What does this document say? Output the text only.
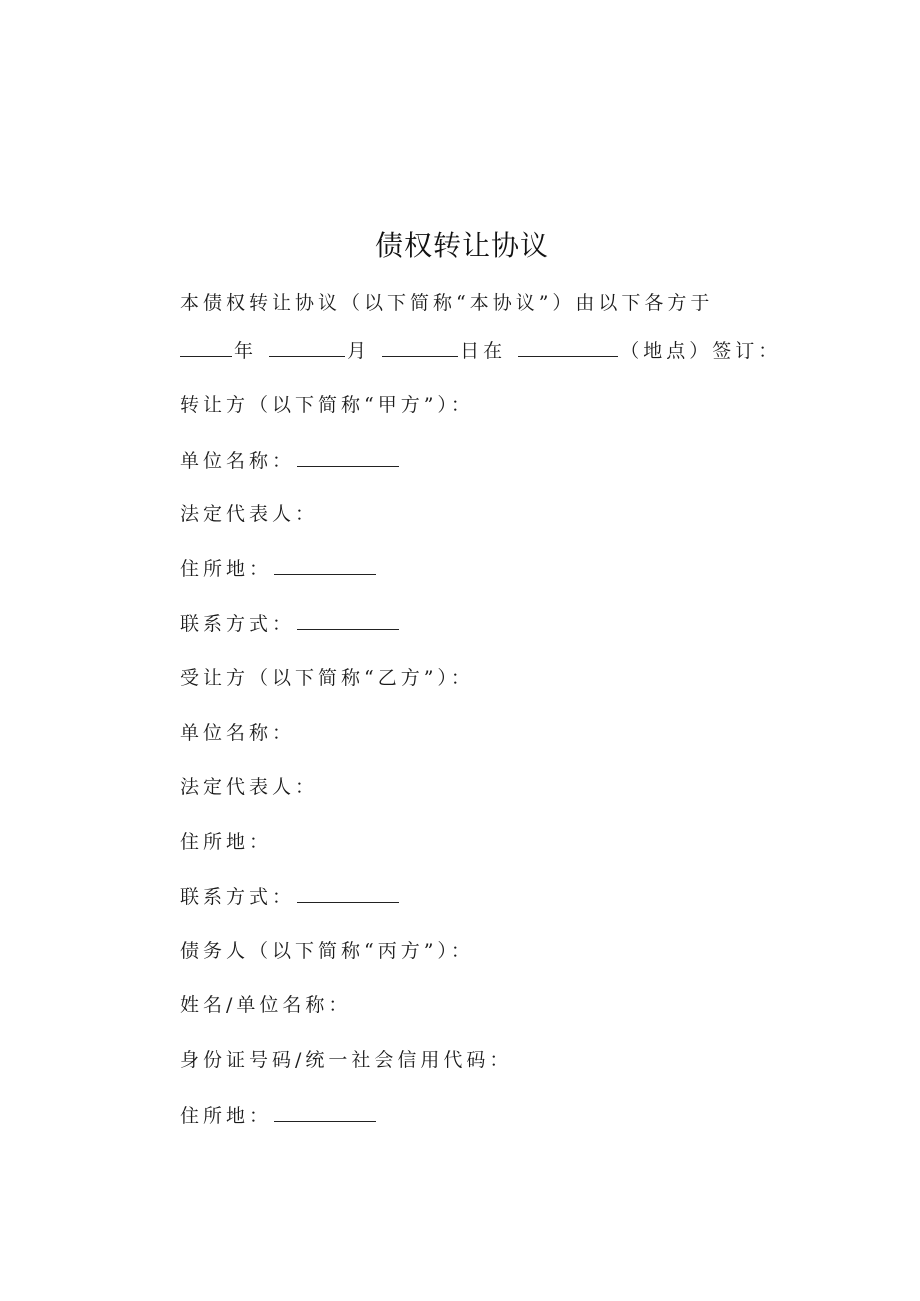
债权转让协议
本债权转让协议（以下简称“本协议”）由以下各方于
年	月	日在	（地点）签订：
转让方（以下简称“甲方”）：
单位名称：
法定代表人：
住所地：
联系方式：
受让方（以下简称“乙方”）：
单位名称：
法定代表人：
住所地：
联系方式：
债务人（以下简称“丙方”）：
姓名/单位名称：
身份证号码/统一社会信用代码：
住所地：
